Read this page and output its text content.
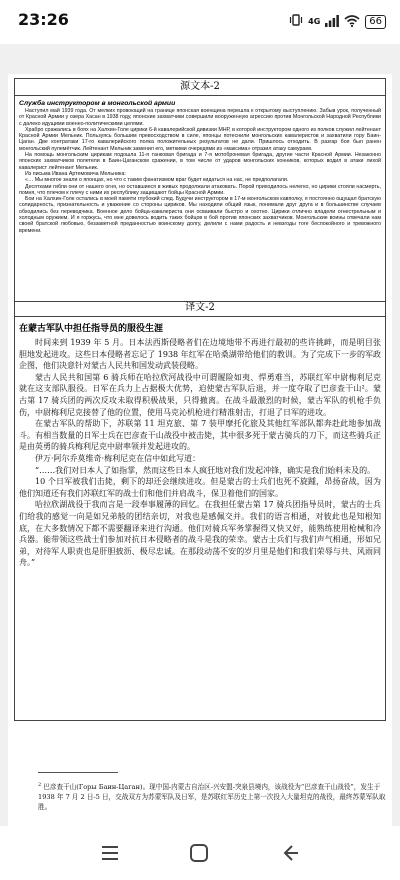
23:26	4G	66
源文本-2
Служба инструктором в монгольской армии

Наступил май 1939 года. От мелких провокаций на границе японская военщина перешла к открытому выступлению. Забыв урок, полученный от Красной Армии у озера Хасан в 1938 году, японские захватчики совершили вооруженную агрессию против Монгольской Народной Республики с далеко идущими военно-политическими целями.

Храбро сражались в боях на Халхин-Голе цирики 6-й кавалерийской дивизии МНР, в которой инструктором одного из полков служил лейтенант Красной Армии Мельник. Пользуясь большим превосходством в силе, японцы потеснили монгольских кавалеристов и захватили гору Баин-Цаган. Две контратаки 17-го кавалерийского полка положительных результатов не дали. Пришлось отходить. В разгар боя был ранен монгольский пулемётчик. Лейтенант Мельник заменил его, меткими очередями из «максима» отразил атаку самураев.

На помощь монгольским цирикам подошла 11-я танковая бригада и 7-я мотоброневая бригада, другие части Красной Армии. Незаконно японских захватчиков полетели в Баин-Цаганском сражении, в том числе от ударов монгольских конников, которых водил в атаки лихой кавалерист лейтенант Мельник.

Из письма Ивана Артемовича Мельника:

«… Мы многое знали о японцах, но что с таким фанатизмом враг будет кидаться на нас, не предполагали.

Десятками гибли они от нашего огня, но оставшиеся в живых продолжали атаковать. Порой приходилось нелегко, но цирики стояли насмерть, помня, что плечом к плечу с ними их республику защищают бойцы Красной Армии.

Бои на Халхин-Голе остались в моей памяти глубокий след. Будучи инструктором в 17-м монгольском кавполку, я постоянно ощущал братскую солидарность, признательность и уважение со стороны цириков. Мы находили общий язык, понимали друг друга и в большинстве случаев обходились без переводчика. Военное дело бойца-кавалериста они осваивали быстро и охотно. Цирики отлично владели огнестрельным и холодным оружием. И я горжусь, что мне довелось водить таких бойцов в бой против японских захватчиков. Монгольские воины отвечали нам своей братской любовью, беззаветной преданностью воинскому долгу, делили с нами радость и невзгоды тоге беспокойного и тревожного времени.

译文-2
在蒙古军队中担任指导员的服役生涯

时间来到 1939 年 5 月。日本法西斯侵略者们在边境地带不再进行最初的些许挑衅，而是明目张胆地发起进攻。这些日本侵略者忘记了 1938 年红军在哈桑湖带给他们的教训。为了完成下一步的军政企图，他们决意针对蒙古人民共和国发动武装侵略。

蒙古人民共和国第 6 骑兵师在哈拉欣河战役中可谓履险如夷、悍勇难当，苏联红军中尉梅利尼克就在这支部队服役。日军在兵力上占据极大优势，迫使蒙古军队后退，并一度夺取了巴彦查干山²。蒙古第 17 骑兵团的两次反攻未取得积极战果，只得撤离。在战斗最激烈的时候，蒙古军队的机枪手负伤，中尉梅利尼克接替了他的位置，使用马克沁机枪进行精准射击，打退了日军的进攻。

在蒙古军队的帮助下，苏联第 11 坦克旅、第 7 装甲摩托化旅及其他红军部队都奔赴此地参加战斗。有相当数量的日军士兵在巴彦查干山战役中被击毙，其中很多死于蒙古骑兵的刀下，而这些骑兵正是由英勇的骑兵梅利尼克中尉率领并发起进攻的。

伊万·阿尔乔莫维奇·梅利尼克在信中如此写道：

“……我们对日本人了如指掌，然而这些日本人疯狂地对我们发起冲锋，确实是我们始料未及的。

10 个日军被我们击毙，剩下的却还会继续进攻。但是蒙古的士兵们也死不旋踵，昂扬奋战，因为他们知道还有我们苏联红军的战士们和他们并肩战斗，保卫着他们的国家。

哈拉欣湖战役于我而言是一段奉事履薄的回忆。在我担任蒙古第 17 骑兵团指导员时，蒙古的士兵们给我的感觉一向是如兄弟般的团结亲切，对我也是感佩交并。我们的语言相通，对彼此也是知根知底，在大多数情况下都不需要翻译来进行沟通。他们对骑兵军务掌握得又快又好，能熟练使用枪械和冷兵器。能带领这些战士们参加对抗日本侵略者的战斗是我的荣幸。蒙古士兵们与我们声气相通，形如兄弟，对待军人职责也是肝胆披沥、极尽忠诚。在那段动荡不安的岁月里是他们和我们荣辱与共、风雨同舟。”

$^2$ 巴彦查干山(Горы Баин-Цаган)。现中国-内蒙古自治区-兴安盟-突泉县境内，该战役为“巴彦查干山战役”，发生于 1938 年 7 月 2 日-5 日，交战双方为苏蒙军队及日军，是苏联红军历史上第一次投入大量坦克的战役，最终苏蒙军队取胜。
